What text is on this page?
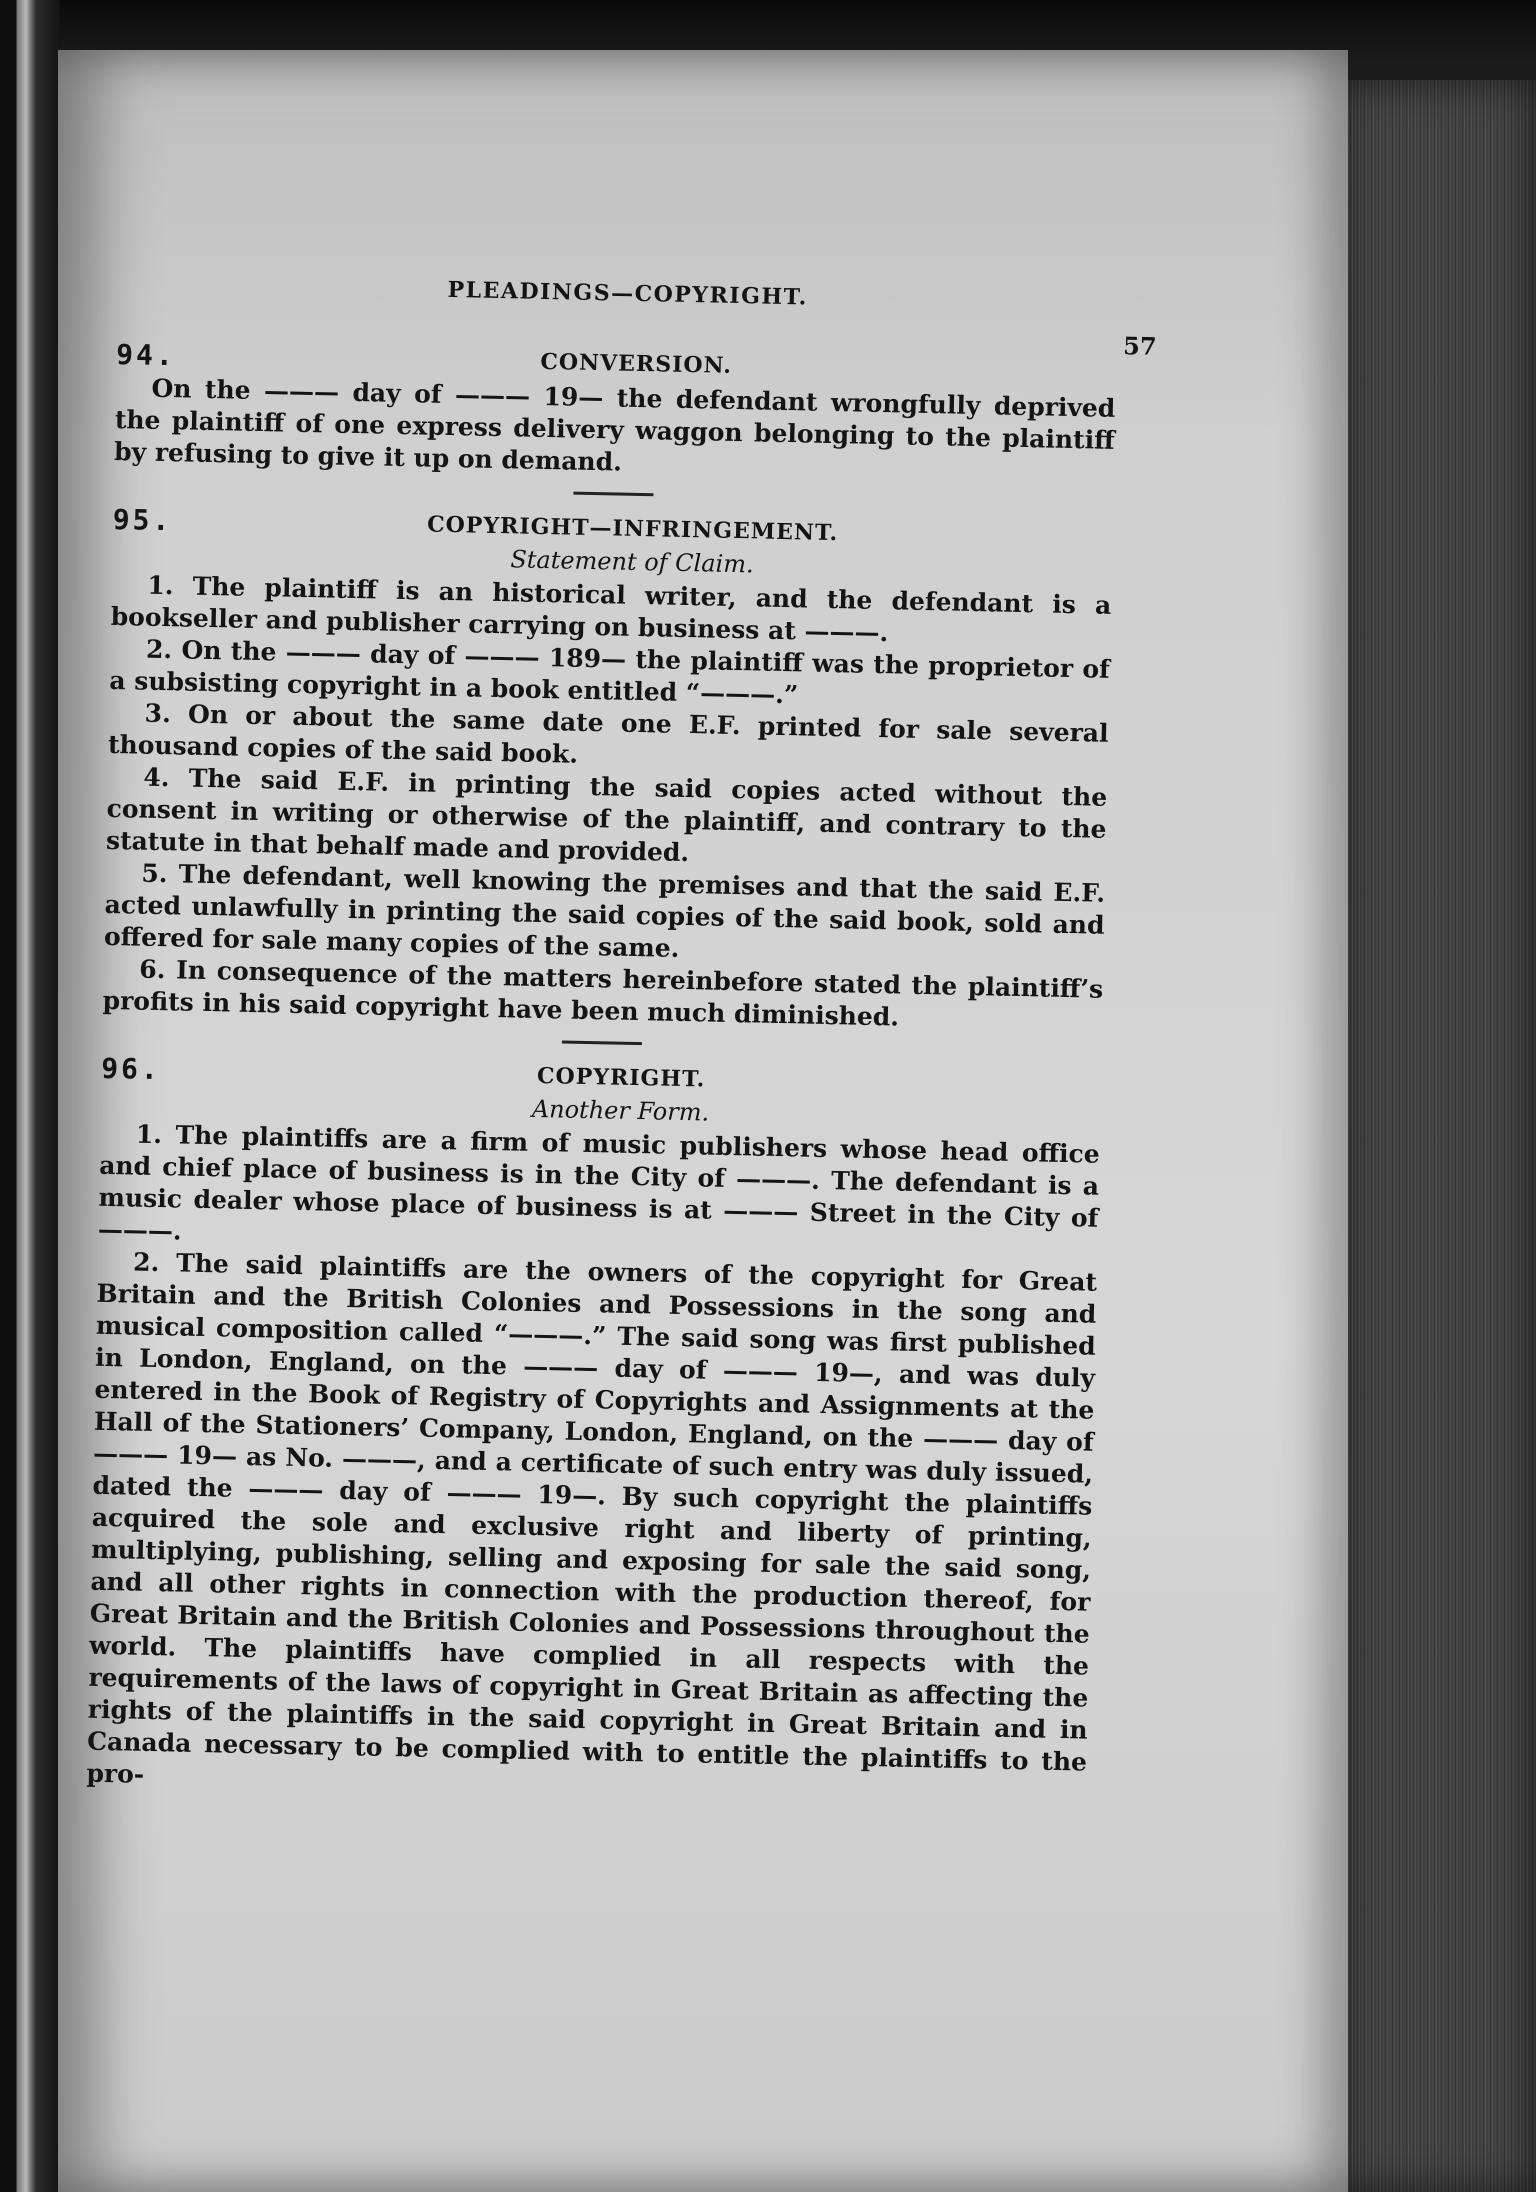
PLEADINGS—COPYRIGHT.
57
94.	CONVERSION.

On the ——— day of ——— 19— the defendant wrongfully deprived the plaintiff of one express delivery waggon belonging to the plaintiff by refusing to give it up on demand.

95.	COPYRIGHT—INFRINGEMENT.
Statement of Claim.

1. The plaintiff is an historical writer, and the defendant is a bookseller and publisher carrying on business at ———.

2. On the ——— day of ——— 189— the plaintiff was the proprietor of a subsisting copyright in a book entitled “———.”

3. On or about the same date one E.F. printed for sale several thousand copies of the said book.

4. The said E.F. in printing the said copies acted without the consent in writing or otherwise of the plaintiff, and contrary to the statute in that behalf made and provided.

5. The defendant, well knowing the premises and that the said E.F. acted unlawfully in printing the said copies of the said book, sold and offered for sale many copies of the same.

6. In consequence of the matters hereinbefore stated the plaintiff’s profits in his said copyright have been much diminished.

96.	COPYRIGHT.
Another Form.

1. The plaintiffs are a firm of music publishers whose head office and chief place of business is in the City of ———. The defendant is a music dealer whose place of business is at ——— Street in the City of ———.

2. The said plaintiffs are the owners of the copyright for Great Britain and the British Colonies and Possessions in the song and musical composition called “———.” The said song was first published in London, England, on the ——— day of ——— 19—, and was duly entered in the Book of Registry of Copyrights and Assignments at the Hall of the Stationers’ Company, London, England, on the ——— day of ——— 19— as No. ———, and a certificate of such entry was duly issued, dated the ——— day of ——— 19—. By such copyright the plaintiffs acquired the sole and exclusive right and liberty of printing, multiplying, publishing, selling and exposing for sale the said song, and all other rights in connection with the production thereof, for Great Britain and the British Colonies and Possessions throughout the world. The plaintiffs have complied in all respects with the requirements of the laws of copyright in Great Britain as affecting the rights of the plaintiffs in the said copyright in Great Britain and in Canada necessary to be complied with to entitle the plaintiffs to the pro-
